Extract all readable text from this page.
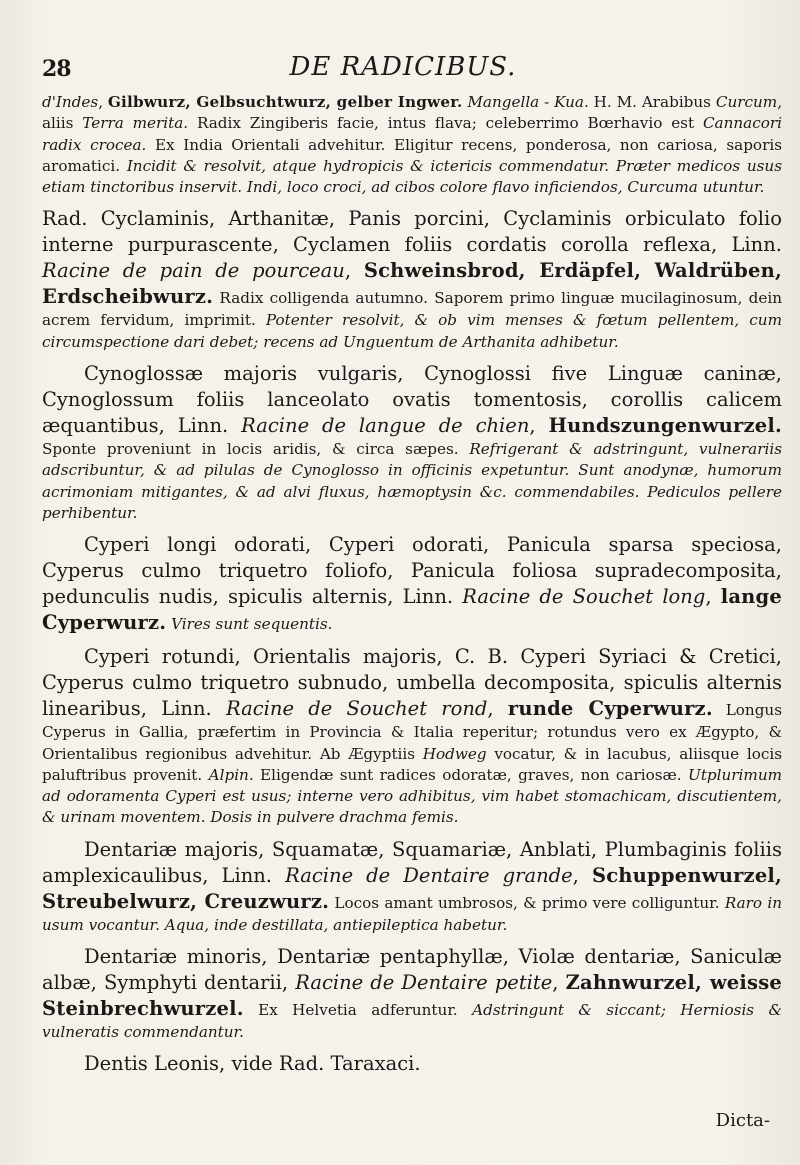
28	DE RADICIBUS.

d'Indes, Gilbwurz, Gelbsuchtwurz, gelber Ingwer. Mangella - Kua. H. M. Arabibus Curcum, aliis Terra merita. Radix Zingiberis facie, intus flava; celeberrimo Bœrhavio est Cannacori radix crocea. Ex India Orientali advehitur. Eligitur recens, ponderosa, non cariosa, saporis aromatici. Incidit & resolvit, atque hydropicis & ictericis commendatur. Præter medicos usus etiam tinctoribus inservit. Indi, loco croci, ad cibos colore flavo inficiendos, Curcuma utuntur.

Rad. Cyclaminis, Arthanitæ, Panis porcini, Cyclaminis orbiculato folio interne purpurascente, Cyclamen foliis cordatis corolla reflexa, Linn. Racine de pain de pourceau, Schweinsbrod, Erdäpfel, Waldrüben, Erdscheibwurz. Radix colligenda autumno. Saporem primo linguæ mucilaginosum, dein acrem fervidum, imprimit. Potenter resolvit, & ob vim menses & fœtum pellentem, cum circumspectione dari debet; recens ad Unguentum de Arthanita adhibetur.

Cynoglossæ majoris vulgaris, Cynoglossi five Linguæ caninæ, Cynoglossum foliis lanceolato ovatis tomentosis, corollis calicem æquantibus, Linn. Racine de langue de chien, Hundszungenwurzel. Sponte proveniunt in locis aridis, & circa sæpes. Refrigerant & adstringunt, vulnerariis adscribuntur, & ad pilulas de Cynoglosso in officinis expetuntur. Sunt anodynæ, humorum acrimoniam mitigantes, & ad alvi fluxus, hæmoptysin &c. commendabiles. Pediculos pellere perhibentur.

Cyperi longi odorati, Cyperi odorati, Panicula sparsa speciosa, Cyperus culmo triquetro foliofo, Panicula foliosa supradecomposita, pedunculis nudis, spiculis alternis, Linn. Racine de Souchet long, lange Cyperwurz. Vires sunt sequentis.

Cyperi rotundi, Orientalis majoris, C. B. Cyperi Syriaci & Cretici, Cyperus culmo triquetro subnudo, umbella decomposita, spiculis alternis linearibus, Linn. Racine de Souchet rond, runde Cyperwurz. Longus Cyperus in Gallia, præfertim in Provincia & Italia reperitur; rotundus vero ex Ægypto, & Orientalibus regionibus advehitur. Ab Ægyptiis Hodweg vocatur, & in lacubus, aliisque locis paluftribus provenit. Alpin. Eligendæ sunt radices odoratæ, graves, non cariosæ. Utplurimum ad odoramenta Cyperi est usus; interne vero adhibitus, vim habet stomachicam, discutientem, & urinam moventem. Dosis in pulvere drachma femis.

Dentariæ majoris, Squamatæ, Squamariæ, Anblati, Plumbaginis foliis amplexicaulibus, Linn. Racine de Dentaire grande, Schuppenwurzel, Streubelwurz, Creuzwurz. Locos amant umbrosos, & primo vere colliguntur. Raro in usum vocantur. Aqua, inde destillata, antiepileptica habetur.

Dentariæ minoris, Dentariæ pentaphyllæ, Violæ dentariæ, Saniculæ albæ, Symphyti dentarii, Racine de Dentaire petite, Zahnwurzel, weisse Steinbrechwurzel. Ex Helvetia adferuntur. Adstringunt & siccant; Herniosis & vulneratis commendantur.

Dentis Leonis, vide Rad. Taraxaci.

Dicta-
